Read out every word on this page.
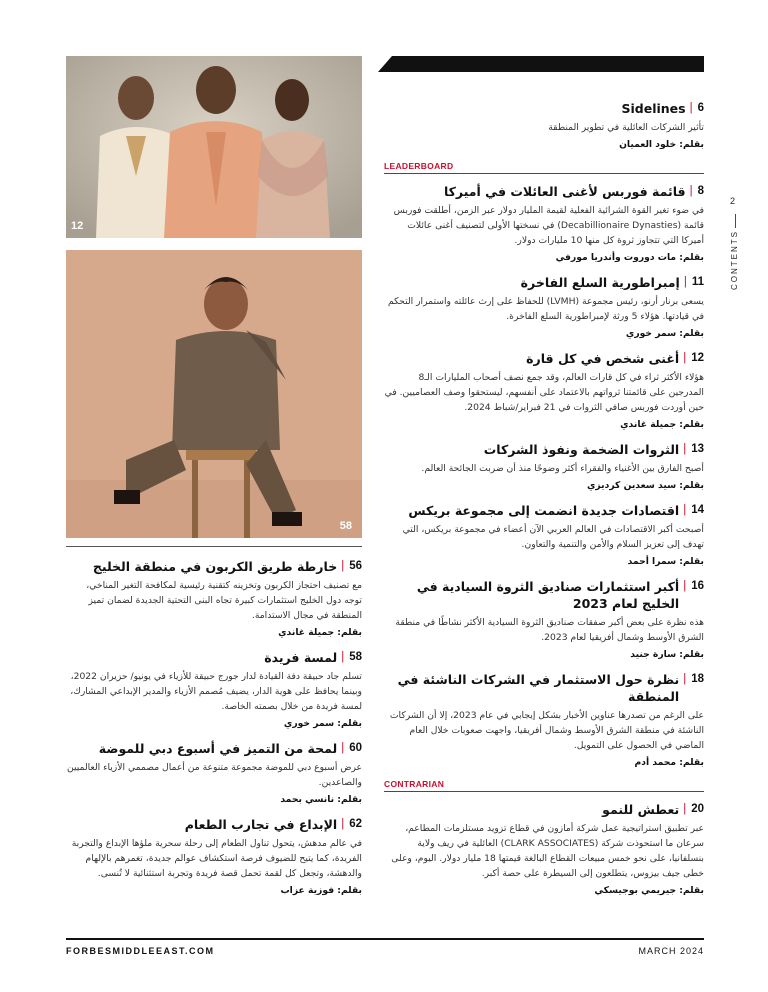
12
58
2
CONTENTS
| 6
Sidelines
تأثير الشركات العائلية في تطوير المنطقة
بقلم: خلود العميان
LEADERBOARD
| 8
قائمة فوربس لأغنى العائلات في أميركا
في ضوء تغير القوة الشرائية الفعلية لقيمة المليار دولار عبر الزمن، أطلقت فوربس قائمة (Decabillionaire Dynasties) في نسختها الأولى لتصنيف أغنى عائلات أميركا التي تتجاوز ثروة كل منها 10 مليارات دولار.
بقلم: مات دوروت وأندريا مورفي
| 11
إمبراطورية السلع الفاخرة
يسعى برنار أرنو، رئيس مجموعة (LVMH) للحفاظ على إرث عائلته واستمرار التحكم في قيادتها. هؤلاء 5 ورثة لإمبراطورية السلع الفاخرة.
بقلم: سمر خوري
| 12
أغنى شخص في كل قارة
هؤلاء الأكثر ثراء في كل قارات العالم، وقد جمع نصف أصحاب المليارات الـ8 المدرجين على قائمتنا ثرواتهم بالاعتماد على أنفسهم، ليستحقوا وصف العصاميين. في حين أوردت فوربس صافي الثروات في 21 فبراير/شباط 2024.
بقلم: جميلة غاندي
| 13
الثروات الضخمة ونفوذ الشركات
أصبح الفارق بين الأغنياء والفقراء أكثر وضوحًا منذ أن ضربت الجائحة العالم.
بقلم: سيد سعدين كرديزي
| 14
اقتصادات جديدة انضمت إلى مجموعة بريكس
أصبحت أكبر الاقتصادات في العالم العربي الآن أعضاء في مجموعة بريكس، التي تهدف إلى تعزيز السلام والأمن والتنمية والتعاون.
بقلم: سمرا أحمد
| 16
أكبر استثمارات صناديق الثروة السيادية في الخليج لعام 2023
هذه نظرة على بعض أكبر صفقات صناديق الثروة السيادية الأكثر نشاطًا في منطقة الشرق الأوسط وشمال أفريقيا لعام 2023.
بقلم: سارة جنيد
| 18
نظرة حول الاستثمار في الشركات الناشئة في المنطقة
على الرغم من تصدرها عناوين الأخبار بشكل إيجابي في عام 2023، إلا أن الشركات الناشئة في منطقة الشرق الأوسط وشمال أفريقيا، واجهت صعوبات خلال العام الماضي في الحصول على التمويل.
بقلم: محمد أدم
CONTRARIAN
| 20
تعطش للنمو
عبر تطبيق استراتيجية عمل شركة أمازون في قطاع تزويد مستلزمات المطاعم، سرعان ما استحوذت شركة (CLARK ASSOCIATES) العائلية في ريف ولاية بنسلفانيا، على نحو خمس مبيعات القطاع البالغة قيمتها 18 مليار دولار. اليوم، وعلى خطى جيف بيزوس، يتطلعون إلى السيطرة على حصة أكبر.
بقلم: جيريمي بوجيسكي
| 56
خارطة طريق الكربون في منطقة الخليج
مع تصنيف احتجاز الكربون وتخزينه كتقنية رئيسية لمكافحة التغير المناخي، توجه دول الخليج استثمارات كبيرة تجاه البنى التحتية الجديدة لضمان تميز المنطقة في مجال الاستدامة.
بقلم: جميلة غاندي
| 58
لمسة فريدة
تسلم جاد حبيقة دفة القيادة لدار جورج حبيقة للأزياء في يونيو/ حزيران 2022، وبينما يحافظ على هوية الدار، يضيف مُصمم الأزياء والمدير الإبداعي المشارك، لمسة فريدة من خلال بصمته الخاصة.
بقلم: سمر خوري
| 60
لمحة من التميز في أسبوع دبي للموضة
عرض أسبوع دبي للموضة مجموعة متنوعة من أعمال مصممي الأزياء العالميين والصاعدين.
بقلم: نانسي بحمد
| 62
الإبداع في تجارب الطعام
في عالم مدهش، يتحول تناول الطعام إلى رحلة سحرية ملؤها الإبداع والتجربة الفريدة، كما يتيح للضيوف فرصة استكشاف عوالم جديدة، تغمرهم بالإلهام والدهشة، وتجعل كل لقمة تحمل قصة فريدة وتجربة استثنائية لا تُنسى.
بقلم: فوزية عزاب
FORBESMIDDLEEAST.COM	MARCH 2024
